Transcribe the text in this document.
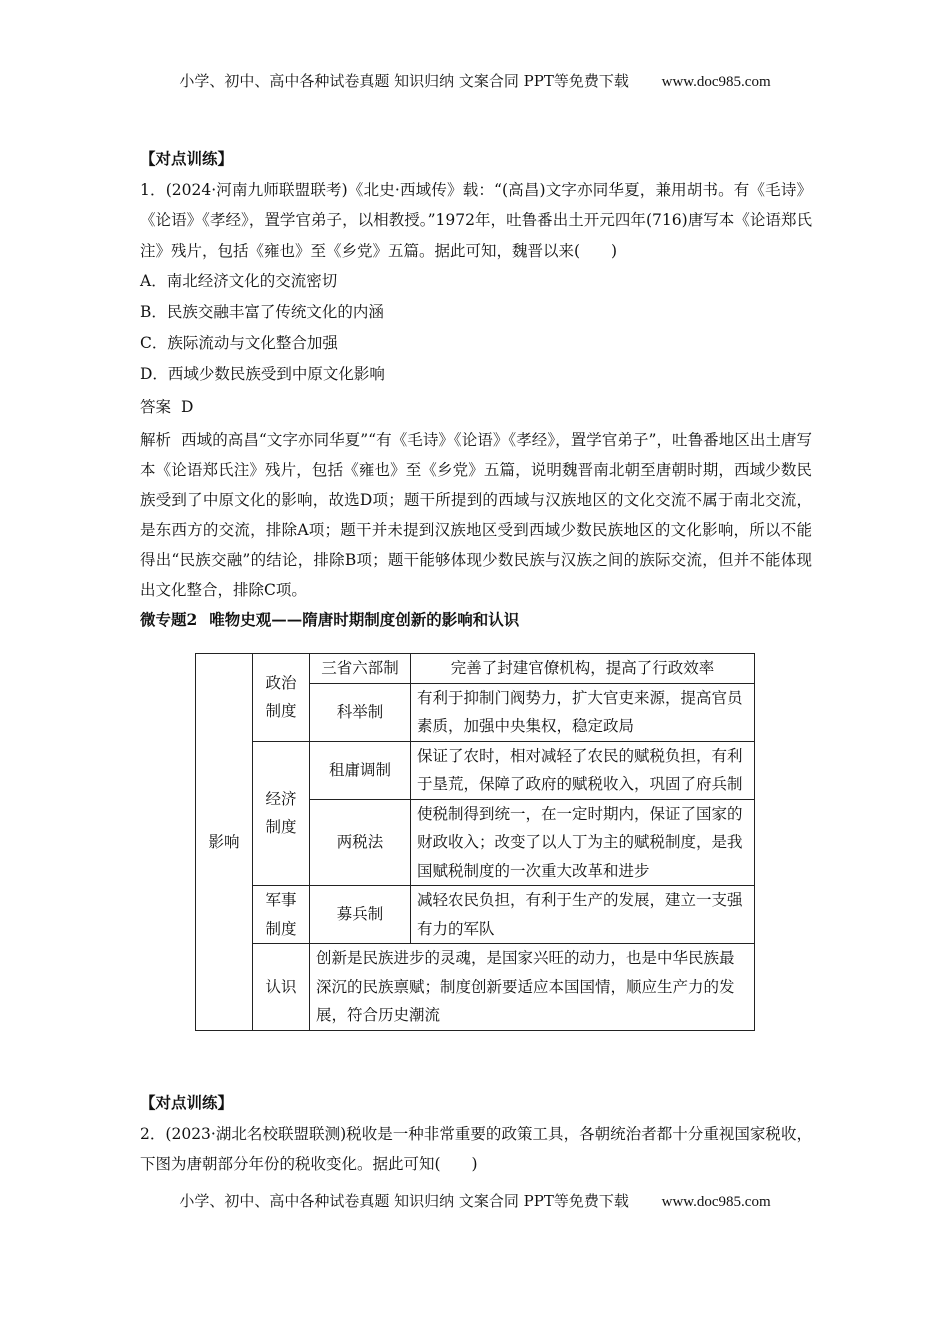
小学、初中、高中各种试卷真题 知识归纳 文案合同 PPT等免费下载 www.doc985.com
【对点训练】
1．(2024·河南九师联盟联考)《北史·西域传》载：“(高昌)文字亦同华夏，兼用胡书。有《毛诗》《论语》《孝经》，置学官弟子，以相教授。”1972年，吐鲁番出土开元四年(716)唐写本《论语郑氏注》残片，包括《雍也》至《乡党》五篇。据此可知，魏晋以来(　　)
A．南北经济文化的交流密切
B．民族交融丰富了传统文化的内涵
C．族际流动与文化整合加强
D．西域少数民族受到中原文化影响
答案 D
解析 西域的高昌“文字亦同华夏”“有《毛诗》《论语》《孝经》，置学官弟子”，吐鲁番地区出土唐写本《论语郑氏注》残片，包括《雍也》至《乡党》五篇，说明魏晋南北朝至唐朝时期，西域少数民族受到了中原文化的影响，故选D项；题干所提到的西域与汉族地区的文化交流不属于南北交流，是东西方的交流，排除A项；题干并未提到汉族地区受到西域少数民族地区的文化影响，所以不能得出“民族交融”的结论，排除B项；题干能够体现少数民族与汉族之间的族际交流，但并不能体现出文化整合，排除C项。
微专题2 唯物史观——隋唐时期制度创新的影响和认识
影响	政治制度	三省六部制	完善了封建官僚机构，提高了行政效率
		科举制	有利于抑制门阀势力，扩大官吏来源，提高官员素质，加强中央集权，稳定政局
	经济制度	租庸调制	保证了农时，相对减轻了农民的赋税负担，有利于垦荒，保障了政府的赋税收入，巩固了府兵制
		两税法	使税制得到统一，在一定时期内，保证了国家的财政收入；改变了以人丁为主的赋税制度，是我国赋税制度的一次重大改革和进步
	军事制度	募兵制	减轻农民负担，有利于生产的发展，建立一支强有力的军队
	认识	创新是民族进步的灵魂，是国家兴旺的动力，也是中华民族最深沉的民族禀赋；制度创新要适应本国国情，顺应生产力的发展，符合历史潮流	
【对点训练】
2．(2023·湖北名校联盟联测)税收是一种非常重要的政策工具，各朝统治者都十分重视国家税收，下图为唐朝部分年份的税收变化。据此可知(　　)
小学、初中、高中各种试卷真题 知识归纳 文案合同 PPT等免费下载 www.doc985.com
